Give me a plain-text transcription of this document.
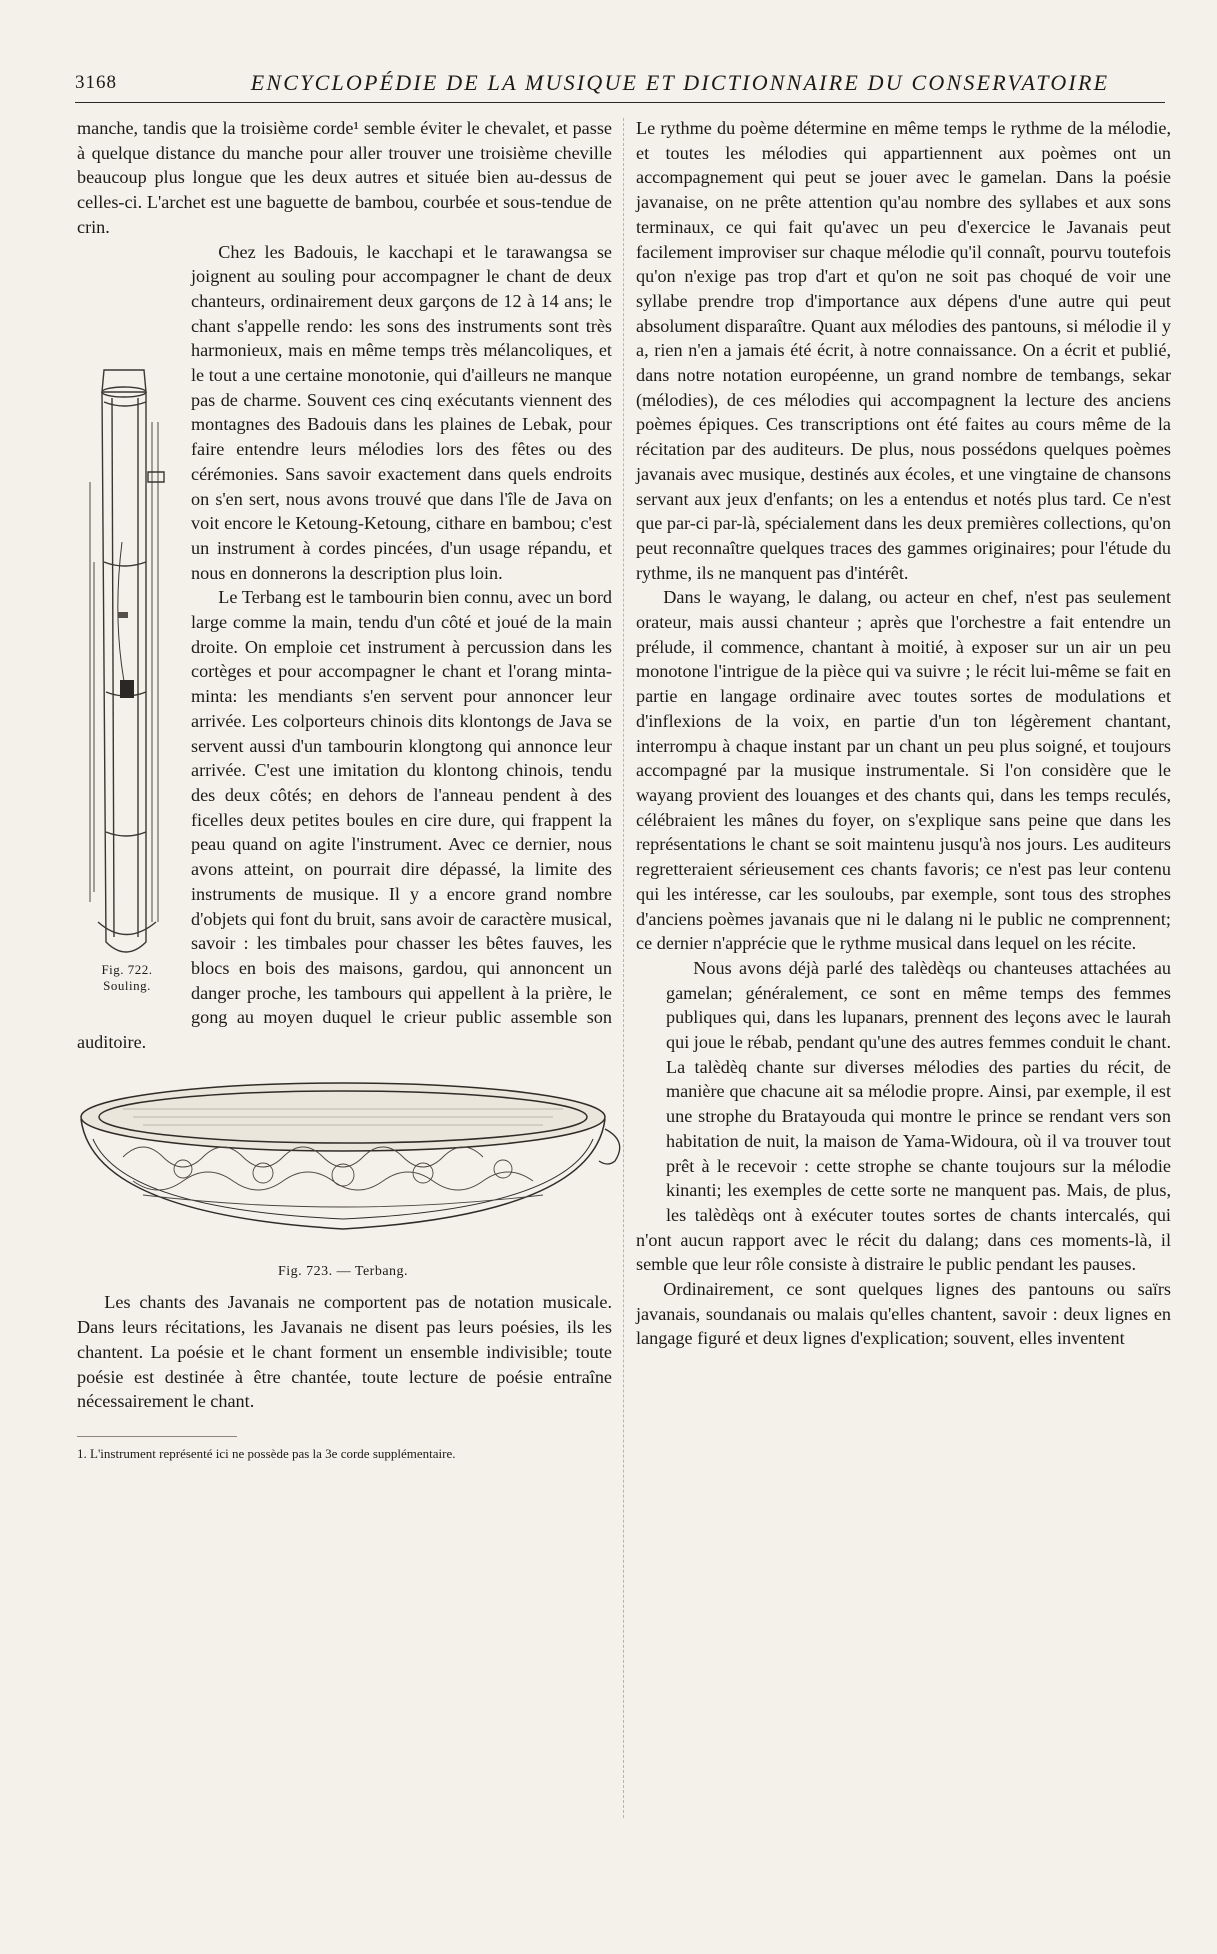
3168	ENCYCLOPÉDIE DE LA MUSIQUE ET DICTIONNAIRE DU CONSERVATOIRE

manche, tandis que la troisième corde¹ semble éviter le chevalet, et passe à quelque distance du manche pour aller trouver une troisième cheville beaucoup plus longue que les deux autres et située bien au-dessus de celles-ci. L'archet est une baguette de bambou, courbée et sous-tendue de crin.

Fig. 722.
Souling.

Chez les Badouis, le kacchapi et le tarawangsa se joignent au souling pour accompagner le chant de deux chanteurs, ordinairement deux garçons de 12 à 14 ans; le chant s'appelle rendo: les sons des instruments sont très harmonieux, mais en même temps très mélancoliques, et le tout a une certaine monotonie, qui d'ailleurs ne manque pas de charme. Souvent ces cinq exécutants viennent des montagnes des Badouis dans les plaines de Lebak, pour faire entendre leurs mélodies lors des fêtes ou des cérémonies. Sans savoir exactement dans quels endroits on s'en sert, nous avons trouvé que dans l'île de Java on voit encore le Ketoung-Ketoung, cithare en bambou; c'est un instrument à cordes pincées, d'un usage répandu, et nous en donnerons la description plus loin.

Le Terbang est le tambourin bien connu, avec un bord large comme la main, tendu d'un côté et joué de la main droite. On emploie cet instrument à percussion dans les cortèges et pour accompagner le chant et l'orang minta-minta: les mendiants s'en servent pour annoncer leur arrivée. Les colporteurs chinois dits klontongs de Java se servent aussi d'un tambourin klongtong qui annonce leur arrivée. C'est une imitation du klontong chinois, tendu des deux côtés; en dehors de l'anneau pendent à des ficelles deux petites boules en cire dure, qui frappent la peau quand on agite l'instrument. Avec ce dernier, nous avons atteint, on pourrait dire dépassé, la limite des instruments de musique. Il y a encore grand nombre d'objets qui font du bruit, sans avoir de caractère musical, savoir : les timbales pour chasser les bêtes fauves, les blocs en bois des maisons, gardou, qui annoncent un danger proche, les tambours qui appellent à la prière, le gong au moyen duquel le crieur public assemble son auditoire.

Fig. 723. — Terbang.

Les chants des Javanais ne comportent pas de notation musicale. Dans leurs récitations, les Javanais ne disent pas leurs poésies, ils les chantent. La poésie et le chant forment un ensemble indivisible; toute poésie est destinée à être chantée, toute lecture de poésie entraîne nécessairement le chant.

1. L'instrument représenté ici ne possède pas la 3e corde supplémentaire.

Le rythme du poème détermine en même temps le rythme de la mélodie, et toutes les mélodies qui appartiennent aux poèmes ont un accompagnement qui peut se jouer avec le gamelan. Dans la poésie javanaise, on ne prête attention qu'au nombre des syllabes et aux sons terminaux, ce qui fait qu'avec un peu d'exercice le Javanais peut facilement improviser sur chaque mélodie qu'il connaît, pourvu toutefois qu'on n'exige pas trop d'art et qu'on ne soit pas choqué de voir une syllabe prendre trop d'importance aux dépens d'une autre qui peut absolument disparaître. Quant aux mélodies des pantouns, si mélodie il y a, rien n'en a jamais été écrit, à notre connaissance. On a écrit et publié, dans notre notation européenne, un grand nombre de tembangs, sekar (mélodies), de ces mélodies qui accompagnent la lecture des anciens poèmes épiques. Ces transcriptions ont été faites au cours même de la récitation par des auditeurs. De plus, nous possédons quelques poèmes javanais avec musique, destinés aux écoles, et une vingtaine de chansons servant aux jeux d'enfants; on les a entendus et notés plus tard. Ce n'est que par-ci par-là, spécialement dans les deux premières collections, qu'on peut reconnaître quelques traces des gammes originaires; pour l'étude du rythme, ils ne manquent pas d'intérêt.

Dans le wayang, le dalang, ou acteur en chef, n'est pas seulement orateur, mais aussi chanteur ; après que l'orchestre a fait entendre un prélude, il commence, chantant à moitié, à exposer sur un air un peu monotone l'intrigue de la pièce qui va suivre ; le récit lui-même se fait en partie en langage ordinaire avec toutes sortes de modulations et d'inflexions de la voix, en partie d'un ton légèrement chantant, interrompu à chaque instant par un chant un peu plus soigné, et toujours accompagné par la musique instrumentale. Si l'on considère que le wayang provient des louanges et des chants qui, dans les temps reculés, célébraient les mânes du foyer, on s'explique sans peine que dans les représentations le chant se soit maintenu jusqu'à nos jours. Les auditeurs regretteraient sérieusement ces chants favoris; ce n'est pas leur contenu qui les intéresse, car les souloubs, par exemple, sont tous des strophes d'anciens poèmes javanais que ni le dalang ni le public ne comprennent; ce dernier n'apprécie que le rythme musical dans lequel on les récite.

Nous avons déjà parlé des talèdèqs ou chanteuses attachées au gamelan; généralement, ce sont en même temps des femmes publiques qui, dans les lupanars, prennent des leçons avec le laurah qui joue le rébab, pendant qu'une des autres femmes conduit le chant. La talèdèq chante sur diverses mélodies des parties du récit, de manière que chacune ait sa mélodie propre. Ainsi, par exemple, il est une strophe du Bratayouda qui montre le prince se rendant vers son habitation de nuit, la maison de Yama-Widoura, où il va trouver tout prêt à le recevoir : cette strophe se chante toujours sur la mélodie kinanti; les exemples de cette sorte ne manquent pas. Mais, de plus, les talèdèqs ont à exécuter toutes sortes de chants intercalés, qui n'ont aucun rapport avec le récit du dalang; dans ces moments-là, il semble que leur rôle consiste à distraire le public pendant les pauses.

Ordinairement, ce sont quelques lignes des pantouns ou saïrs javanais, soundanais ou malais qu'elles chantent, savoir : deux lignes en langage figuré et deux lignes d'explication; souvent, elles inventent
